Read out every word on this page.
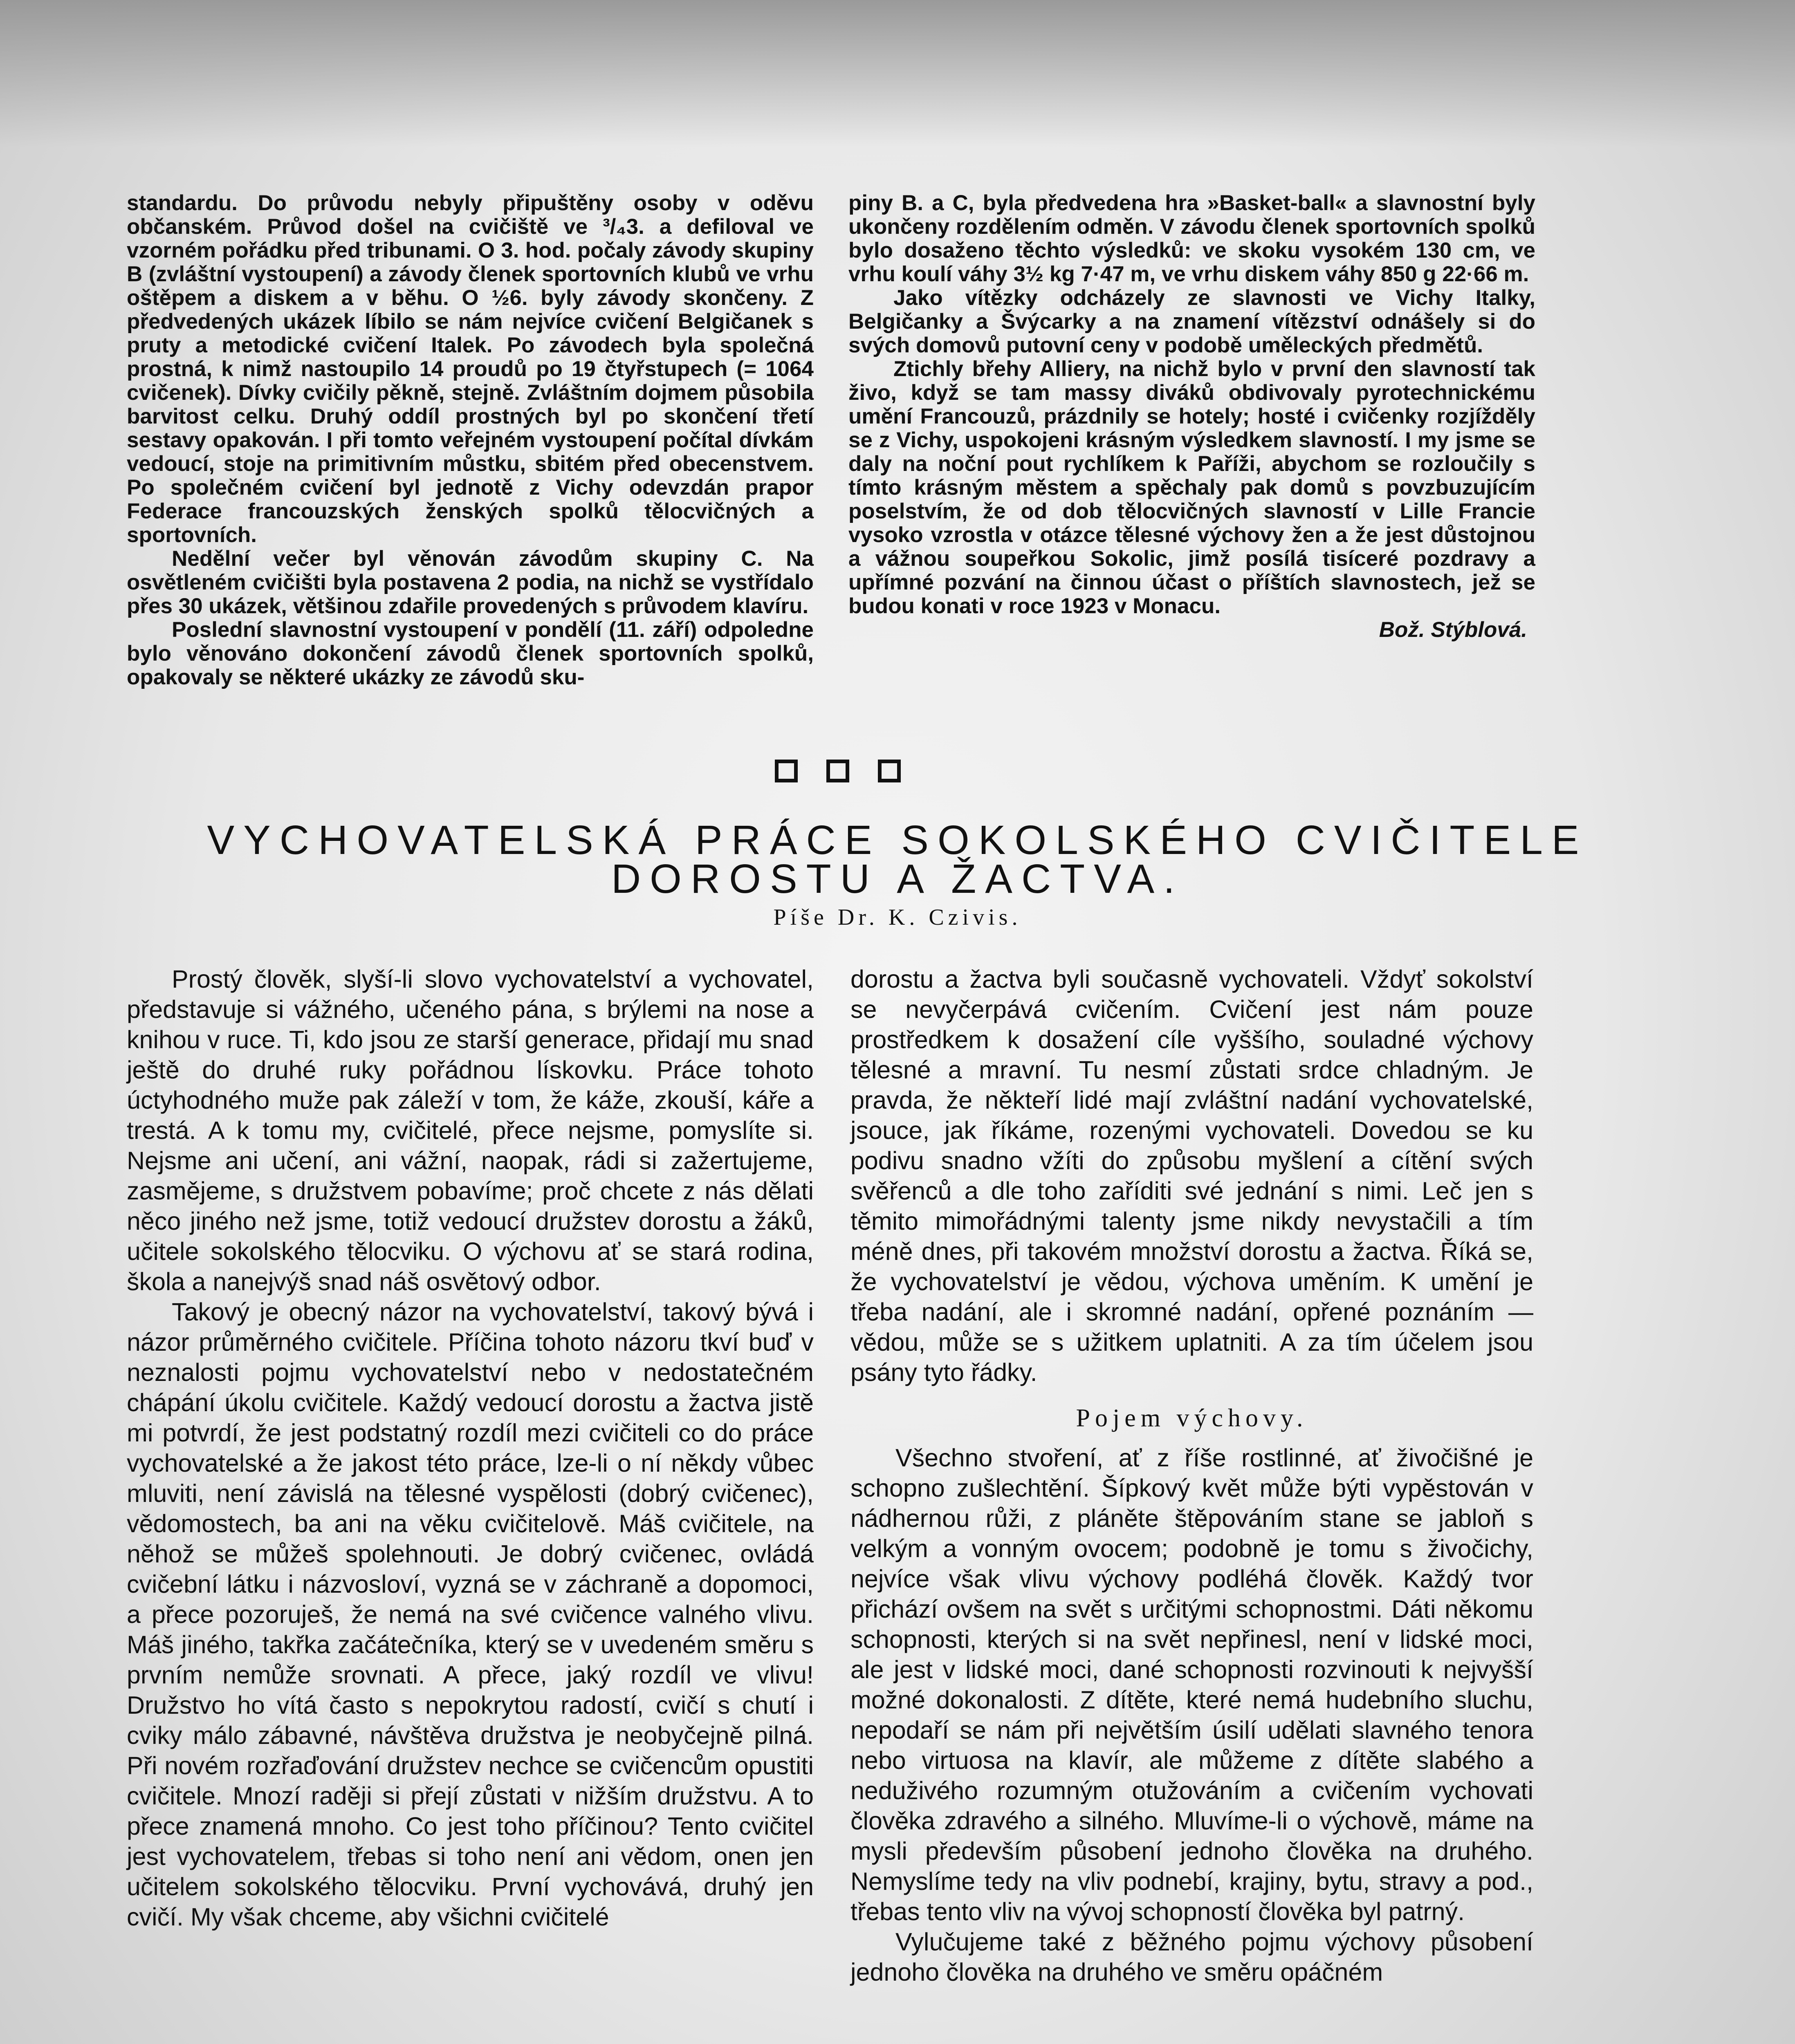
standardu. Do průvodu nebyly připuštěny osoby v oděvu občanském. Průvod došel na cvičiště ve ³/₄3. a defiloval ve vzorném pořádku před tribunami. O 3. hod. počaly závody skupiny B (zvláštní vystoupení) a závody členek sportovních klubů ve vrhu oštěpem a diskem a v běhu. O ½6. byly závody skončeny. Z předvedených ukázek líbilo se nám nejvíce cvičení Belgičanek s pruty a metodické cvičení Italek. Po závodech byla společná prostná, k nimž nastoupilo 14 proudů po 19 čtyřstupech (= 1064 cvičenek). Dívky cvičily pěkně, stejně. Zvláštním dojmem působila barvitost celku. Druhý oddíl prostných byl po skončení třetí sestavy opakován. I při tomto veřejném vystoupení počítal dívkám vedoucí, stoje na primitivním můstku, sbitém před obecenstvem. Po společném cvičení byl jednotě z Vichy odevzdán prapor Federace francouzských ženských spolků tělocvičných a sportovních.

Nedělní večer byl věnován závodům skupiny C. Na osvětleném cvičišti byla postavena 2 podia, na nichž se vystřídalo přes 30 ukázek, většinou zdařile provedených s průvodem klavíru.

Poslední slavnostní vystoupení v pondělí (11. září) odpoledne bylo věnováno dokončení závodů členek sportovních spolků, opakovaly se některé ukázky ze závodů sku-

piny B. a C, byla předvedena hra »Basket-ball« a slavnostní byly ukončeny rozdělením odměn. V závodu členek sportovních spolků bylo dosaženo těchto výsledků: ve skoku vysokém 130 cm, ve vrhu koulí váhy 3½ kg 7·47 m, ve vrhu diskem váhy 850 g 22·66 m.

Jako vítězky odcházely ze slavnosti ve Vichy Italky, Belgičanky a Švýcarky a na znamení vítězství odnášely si do svých domovů putovní ceny v podobě uměleckých předmětů.

Ztichly břehy Alliery, na nichž bylo v první den slavností tak živo, když se tam massy diváků obdivovaly pyrotechnickému umění Francouzů, prázdnily se hotely; hosté i cvičenky rozjížděly se z Vichy, uspokojeni krásným výsledkem slavností. I my jsme se daly na noční pout rychlíkem k Paříži, abychom se rozloučily s tímto krásným městem a spěchaly pak domů s povzbuzujícím poselstvím, že od dob tělocvičných slavností v Lille Francie vysoko vzrostla v otázce tělesné výchovy žen a že jest důstojnou a vážnou soupeřkou Sokolic, jimž posílá tisíceré pozdravy a upřímné pozvání na činnou účast o příštích slavnostech, jež se budou konati v roce 1923 v Monacu.

Bož. Stýblová.

VYCHOVATELSKÁ PRÁCE SOKOLSKÉHO CVIČITELE
DOROSTU A ŽACTVA.
Píše Dr. K. Czivis.

Prostý člověk, slyší-li slovo vychovatelství a vychovatel, představuje si vážného, učeného pána, s brýlemi na nose a knihou v ruce. Ti, kdo jsou ze starší generace, přidají mu snad ještě do druhé ruky pořádnou lískovku. Práce tohoto úctyhodného muže pak záleží v tom, že káže, zkouší, káře a trestá. A k tomu my, cvičitelé, přece nejsme, pomyslíte si. Nejsme ani učení, ani vážní, naopak, rádi si zažertujeme, zasmějeme, s družstvem pobavíme; proč chcete z nás dělati něco jiného než jsme, totiž vedoucí družstev dorostu a žáků, učitele sokolského tělocviku. O výchovu ať se stará rodina, škola a nanejvýš snad náš osvětový odbor.

Takový je obecný názor na vychovatelství, takový bývá i názor průměrného cvičitele. Příčina tohoto názoru tkví buď v neznalosti pojmu vychovatelství nebo v nedostatečném chápání úkolu cvičitele. Každý vedoucí dorostu a žactva jistě mi potvrdí, že jest podstatný rozdíl mezi cvičiteli co do práce vychovatelské a že jakost této práce, lze-li o ní někdy vůbec mluviti, není závislá na tělesné vyspělosti (dobrý cvičenec), vědomostech, ba ani na věku cvičitelově. Máš cvičitele, na něhož se můžeš spolehnouti. Je dobrý cvičenec, ovládá cvičební látku i názvosloví, vyzná se v záchraně a dopomoci, a přece pozoruješ, že nemá na své cvičence valného vlivu. Máš jiného, takřka začátečníka, který se v uvedeném směru s prvním nemůže srovnati. A přece, jaký rozdíl ve vlivu! Družstvo ho vítá často s nepokrytou radostí, cvičí s chutí i cviky málo zábavné, návštěva družstva je neobyčejně pilná. Při novém rozřaďování družstev nechce se cvičencům opustiti cvičitele. Mnozí raději si přejí zůstati v nižším družstvu. A to přece znamená mnoho. Co jest toho příčinou? Tento cvičitel jest vychovatelem, třebas si toho není ani vědom, onen jen učitelem sokolského tělocviku. První vychovává, druhý jen cvičí. My však chceme, aby všichni cvičitelé

dorostu a žactva byli současně vychovateli. Vždyť sokolství se nevyčerpává cvičením. Cvičení jest nám pouze prostředkem k dosažení cíle vyššího, souladné výchovy tělesné a mravní. Tu nesmí zůstati srdce chladným. Je pravda, že někteří lidé mají zvláštní nadání vychovatelské, jsouce, jak říkáme, rozenými vychovateli. Dovedou se ku podivu snadno vžíti do způsobu myšlení a cítění svých svěřenců a dle toho zaříditi své jednání s nimi. Leč jen s těmito mimořádnými talenty jsme nikdy nevystačili a tím méně dnes, při takovém množství dorostu a žactva. Říká se, že vychovatelství je vědou, výchova uměním. K umění je třeba nadání, ale i skromné nadání, opřené poznáním — vědou, může se s užitkem uplatniti. A za tím účelem jsou psány tyto řádky.

Pojem výchovy.

Všechno stvoření, ať z říše rostlinné, ať živočišné je schopno zušlechtění. Šípkový květ může býti vypěstován v nádhernou růži, z pláněte štěpováním stane se jabloň s velkým a vonným ovocem; podobně je tomu s živočichy, nejvíce však vlivu výchovy podléhá člověk. Každý tvor přichází ovšem na svět s určitými schopnostmi. Dáti někomu schopnosti, kterých si na svět nepřinesl, není v lidské moci, ale jest v lidské moci, dané schopnosti rozvinouti k nejvyšší možné dokonalosti. Z dítěte, které nemá hudebního sluchu, nepodaří se nám při největším úsilí udělati slavného tenora nebo virtuosa na klavír, ale můžeme z dítěte slabého a neduživého rozumným otužováním a cvičením vychovati člověka zdravého a silného. Mluvíme-li o výchově, máme na mysli především působení jednoho člověka na druhého. Nemyslíme tedy na vliv podnebí, krajiny, bytu, stravy a pod., třebas tento vliv na vývoj schopností člověka byl patrný.

Vylučujeme také z běžného pojmu výchovy působení jednoho člověka na druhého ve směru opáčném
